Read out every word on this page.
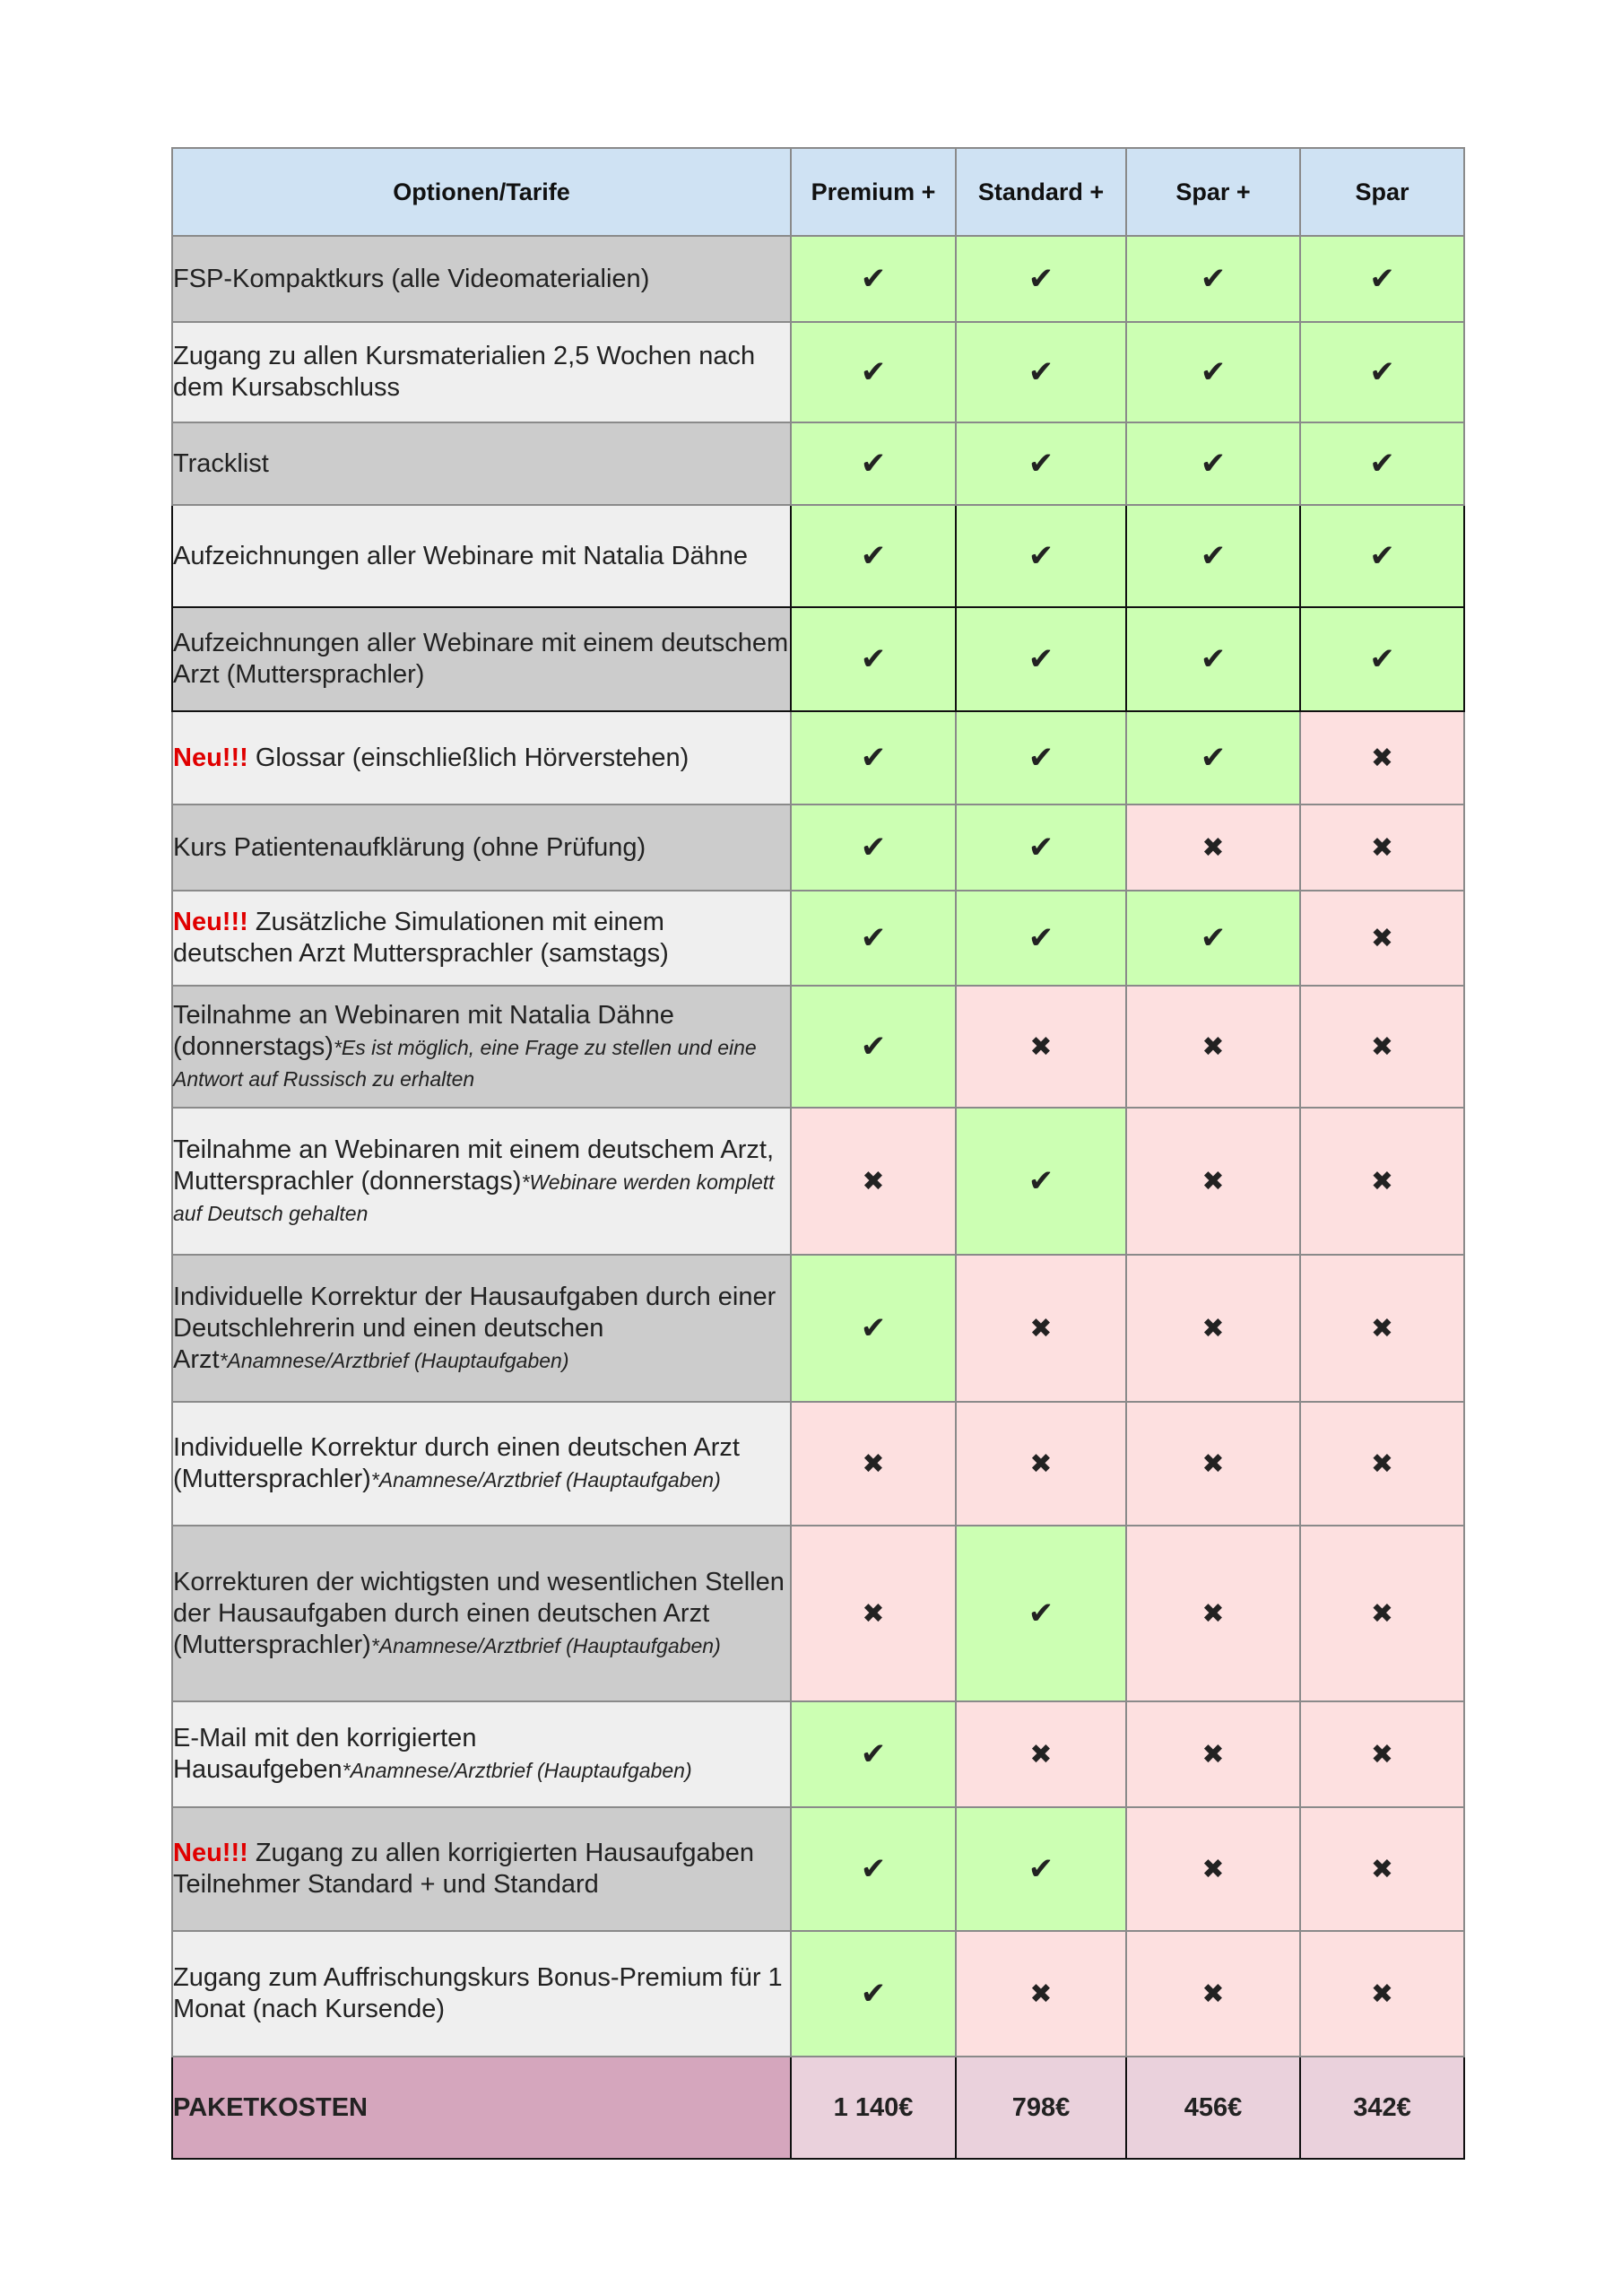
Optionen/Tarife	Premium +	Standard +	Spar +	Spar
FSP-Kompaktkurs (alle Videomaterialien)	✔	✔	✔	✔
Zugang zu allen Kursmaterialien 2,5 Wochen nach dem Kursabschluss	✔	✔	✔	✔
Tracklist	✔	✔	✔	✔
Aufzeichnungen aller Webinare mit Natalia Dähne	✔	✔	✔	✔
Aufzeichnungen aller Webinare mit einem deutschem Arzt (Muttersprachler)	✔	✔	✔	✔
Neu!!! Glossar (einschließlich Hörverstehen)	✔	✔	✔	✖
Kurs Patientenaufklärung (ohne Prüfung)	✔	✔	✖	✖
Neu!!! Zusätzliche Simulationen mit einem deutschen Arzt Muttersprachler (samstags)	✔	✔	✔	✖
Teilnahme an Webinaren mit Natalia Dähne (donnerstags)*Es ist möglich, eine Frage zu stellen und eine Antwort auf Russisch zu erhalten	✔	✖	✖	✖
Teilnahme an Webinaren mit einem deutschem Arzt, Muttersprachler (donnerstags)*Webinare werden komplett auf Deutsch gehalten	✖	✔	✖	✖
Individuelle Korrektur der Hausaufgaben durch einer Deutschlehrerin und einen deutschen Arzt*Anamnese/Arztbrief (Hauptaufgaben)	✔	✖	✖	✖
Individuelle Korrektur durch einen deutschen Arzt (Muttersprachler)*Anamnese/Arztbrief (Hauptaufgaben)	✖	✖	✖	✖
Korrekturen der wichtigsten und wesentlichen Stellen der Hausaufgaben durch einen deutschen Arzt (Muttersprachler)*Anamnese/Arztbrief (Hauptaufgaben)	✖	✔	✖	✖
E-Mail mit den korrigierten Hausaufgeben*Anamnese/Arztbrief (Hauptaufgaben)	✔	✖	✖	✖
Neu!!! Zugang zu allen korrigierten Hausaufgaben Teilnehmer Standard + und Standard	✔	✔	✖	✖
Zugang zum Auffrischungskurs Bonus-Premium für 1 Monat (nach Kursende)	✔	✖	✖	✖
PAKETKOSTEN	1 140€	798€	456€	342€
